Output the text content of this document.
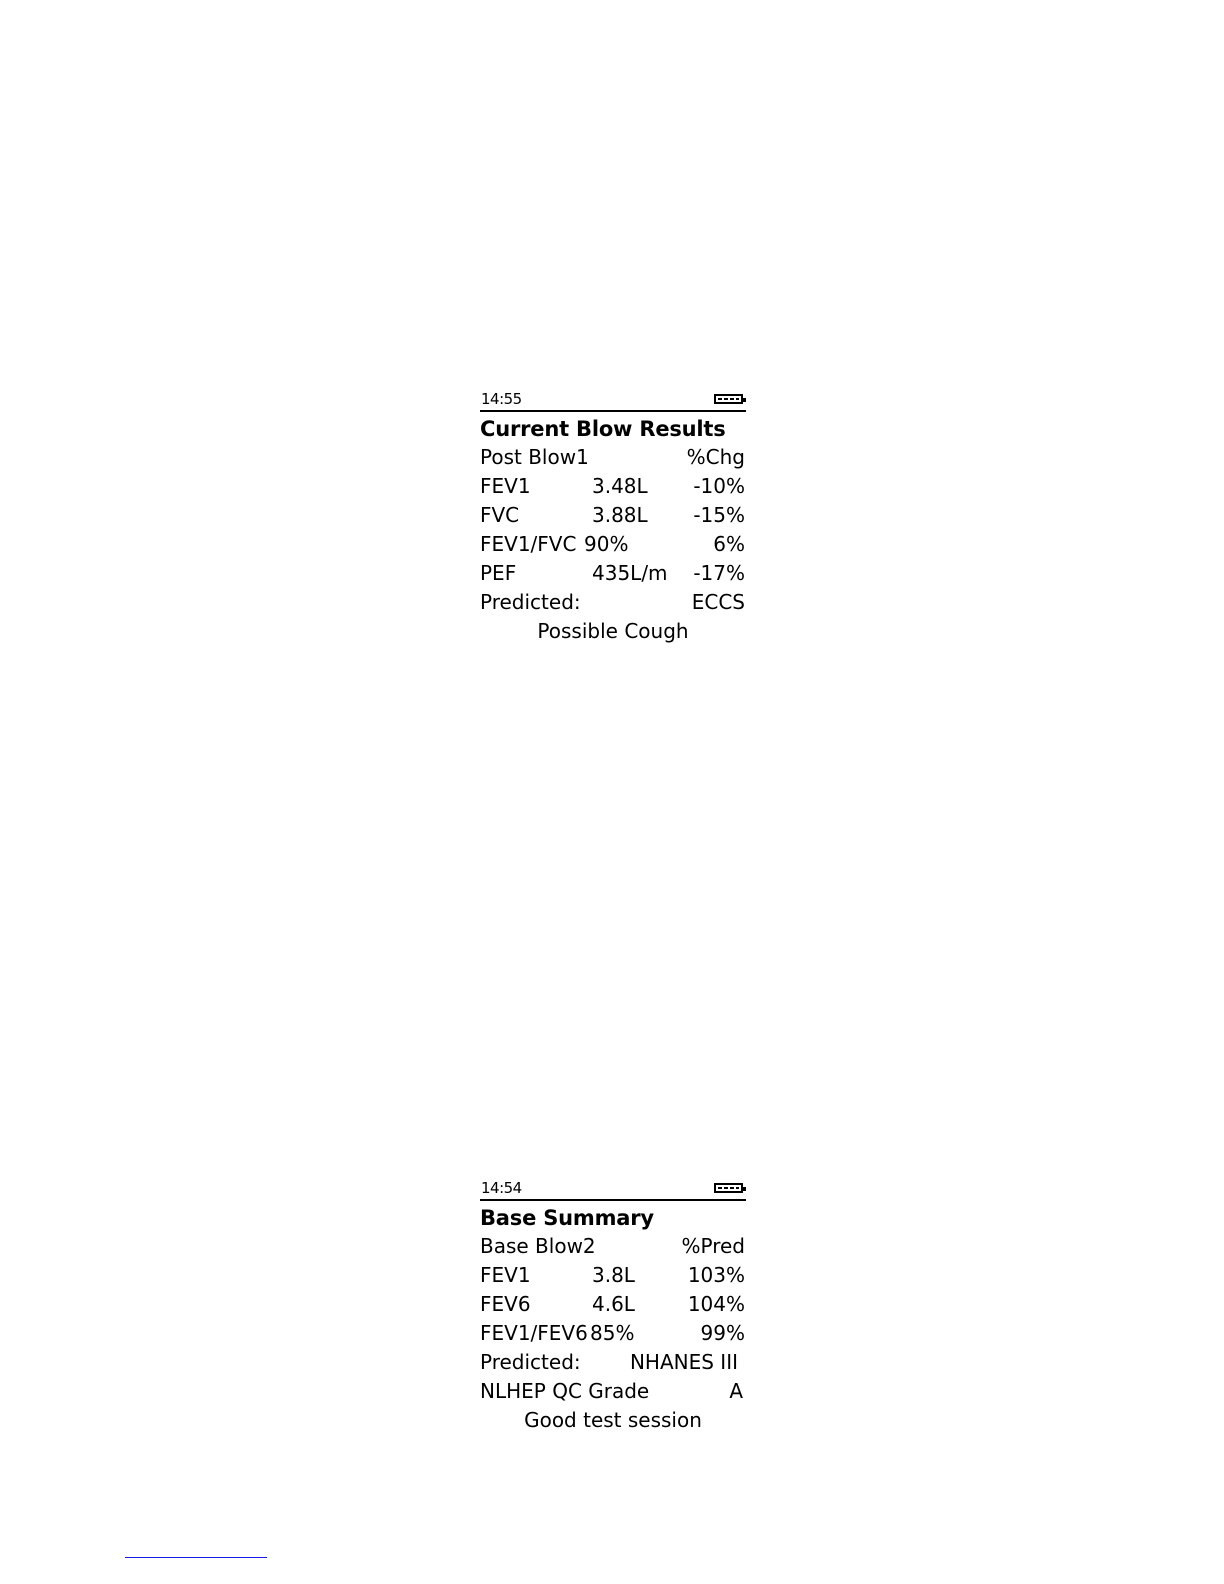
14:55
Current Blow Results
Post Blow1	%Chg
FEV1	3.48L -10%
FVC	3.88L -15%
FEV1/FVC 90%	6%
PEF	435L/m -17%
Predicted:	ECCS
Possible Cough
14:54
Base Summary
Base Blow2	%Pred
FEV1	3.8L	103%
FEV6	4.6L	104%
FEV1/FEV6 85%	99%
Predicted: NHANES III
NLHEP QC Grade	A
Good test session
